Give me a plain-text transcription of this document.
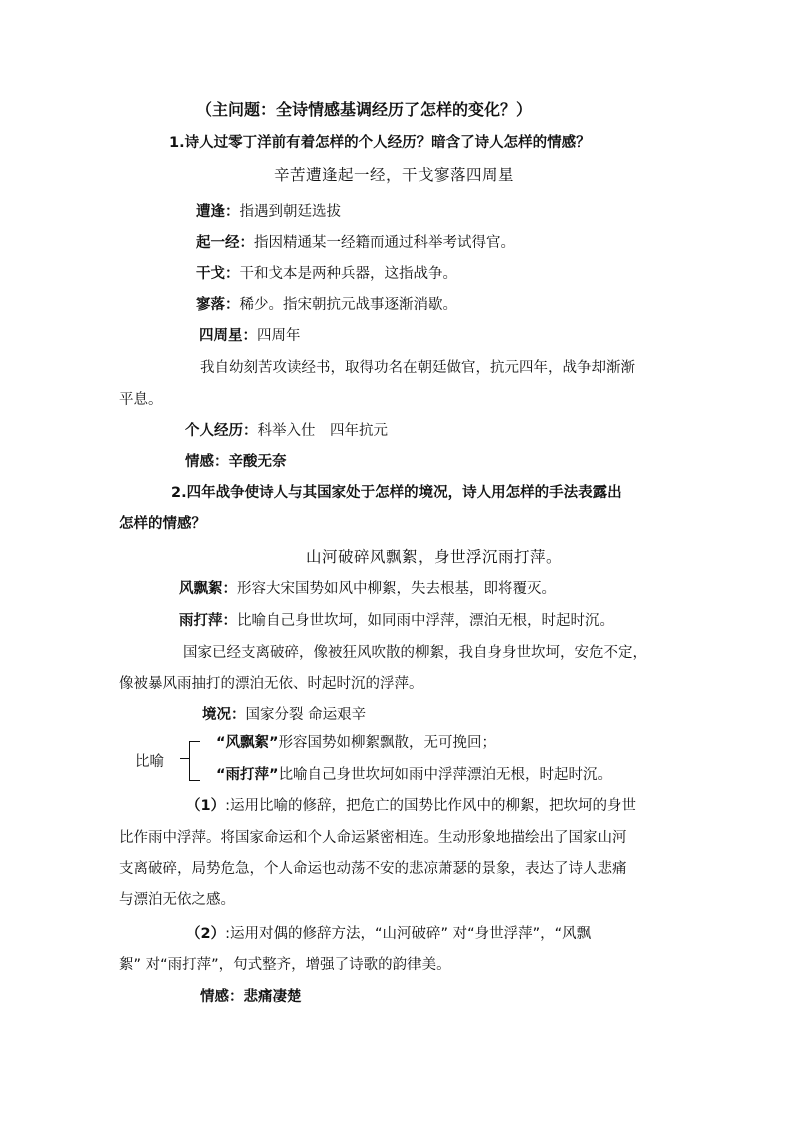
（主问题：全诗情感基调经历了怎样的变化？）
1.诗人过零丁洋前有着怎样的个人经历？暗含了诗人怎样的情感？
辛苦遭逢起一经，干戈寥落四周星
遭逢：指遇到朝廷选拔
起一经：指因精通某一经籍而通过科举考试得官。
干戈：干和戈本是两种兵器，这指战争。
寥落：稀少。指宋朝抗元战事逐渐消歇。
四周星：四周年
我自幼刻苦攻读经书，取得功名在朝廷做官，抗元四年，战争却渐渐
平息。
个人经历：科举入仕　四年抗元
情感：辛酸无奈
2.四年战争使诗人与其国家处于怎样的境况，诗人用怎样的手法表露出
怎样的情感？
山河破碎风飘絮，身世浮沉雨打萍。
风飘絮：形容大宋国势如风中柳絮，失去根基，即将覆灭。
雨打萍：比喻自己身世坎坷，如同雨中浮萍，漂泊无根，时起时沉。
国家已经支离破碎，像被狂风吹散的柳絮，我自身身世坎坷，安危不定，
像被暴风雨抽打的漂泊无依、时起时沉的浮萍。
境况：国家分裂 命运艰辛
比喻
“风飘絮”形容国势如柳絮飘散，无可挽回；
“雨打萍”比喻自己身世坎坷如雨中浮萍漂泊无根，时起时沉。
（1）:运用比喻的修辞，把危亡的国势比作风中的柳絮，把坎坷的身世
比作雨中浮萍。将国家命运和个人命运紧密相连。生动形象地描绘出了国家山河
支离破碎，局势危急，个人命运也动荡不安的悲凉萧瑟的景象，表达了诗人悲痛
与漂泊无依之感。
（2）:运用对偶的修辞方法，“山河破碎” 对“身世浮萍”，“风飘
絮” 对“雨打萍”，句式整齐，增强了诗歌的韵律美。
情感：悲痛凄楚
